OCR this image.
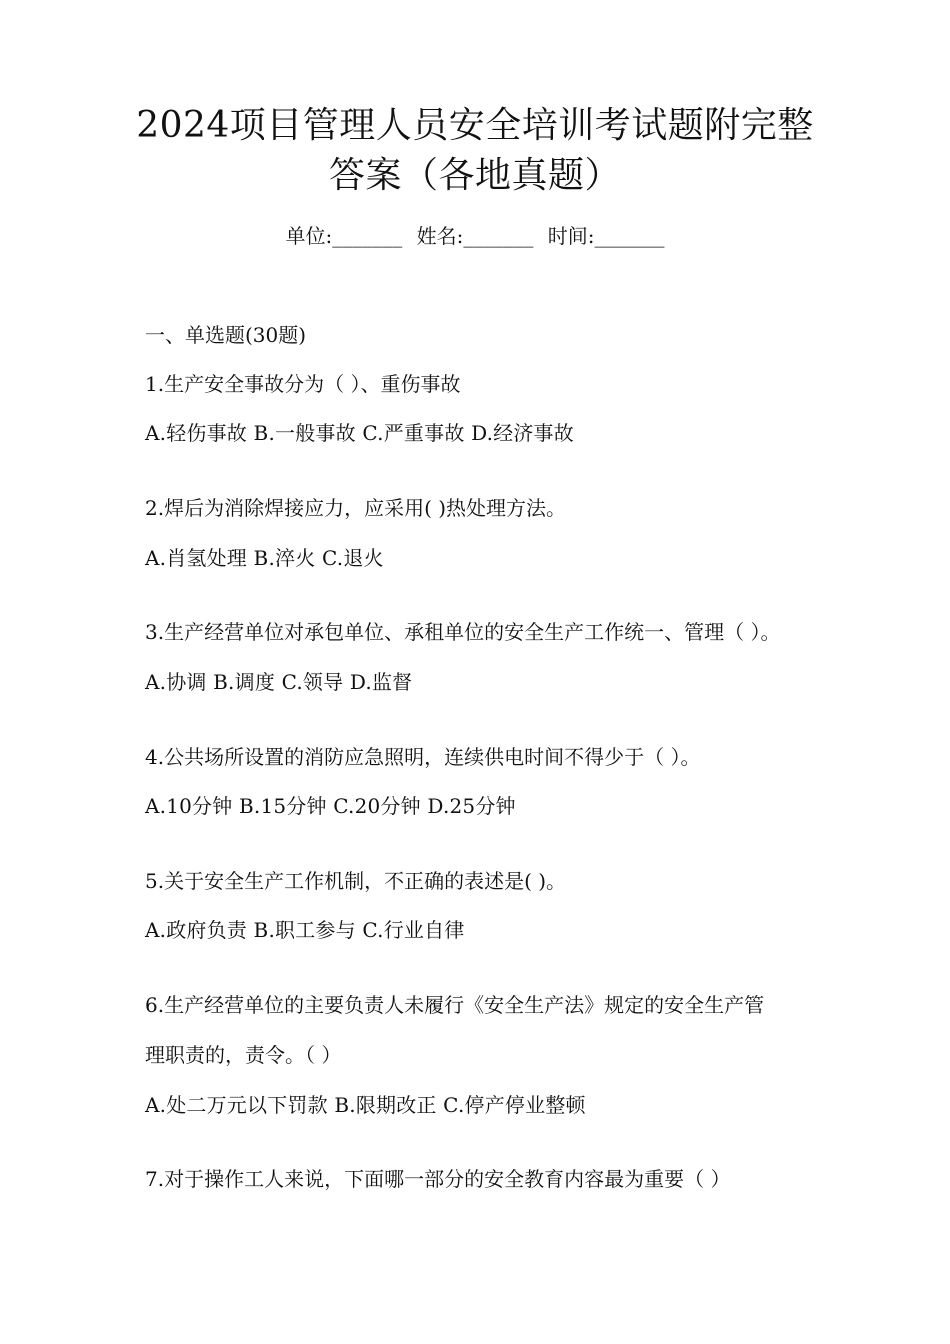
2024项目管理人员安全培训考试题附完整
答案（各地真题）
单位:_______ 姓名:_______ 时间:_______
一、单选题(30题)
1.生产安全事故分为（ ）、重伤事故
A.轻伤事故 B.一般事故 C.严重事故 D.经济事故
2.焊后为消除焊接应力，应采用( )热处理方法。
A.肖氢处理 B.淬火 C.退火
3.生产经营单位对承包单位、承租单位的安全生产工作统一、管理（ ）。
A.协调 B.调度 C.领导 D.监督
4.公共场所设置的消防应急照明，连续供电时间不得少于（ ）。
A.10分钟 B.15分钟 C.20分钟 D.25分钟
5.关于安全生产工作机制，不正确的表述是( )。
A.政府负责 B.职工参与 C.行业自律
6.生产经营单位的主要负责人未履行《安全生产法》规定的安全生产管
理职责的，责令。（ ）
A.处二万元以下罚款 B.限期改正 C.停产停业整顿
7.对于操作工人来说，下面哪一部分的安全教育内容最为重要（ ）
